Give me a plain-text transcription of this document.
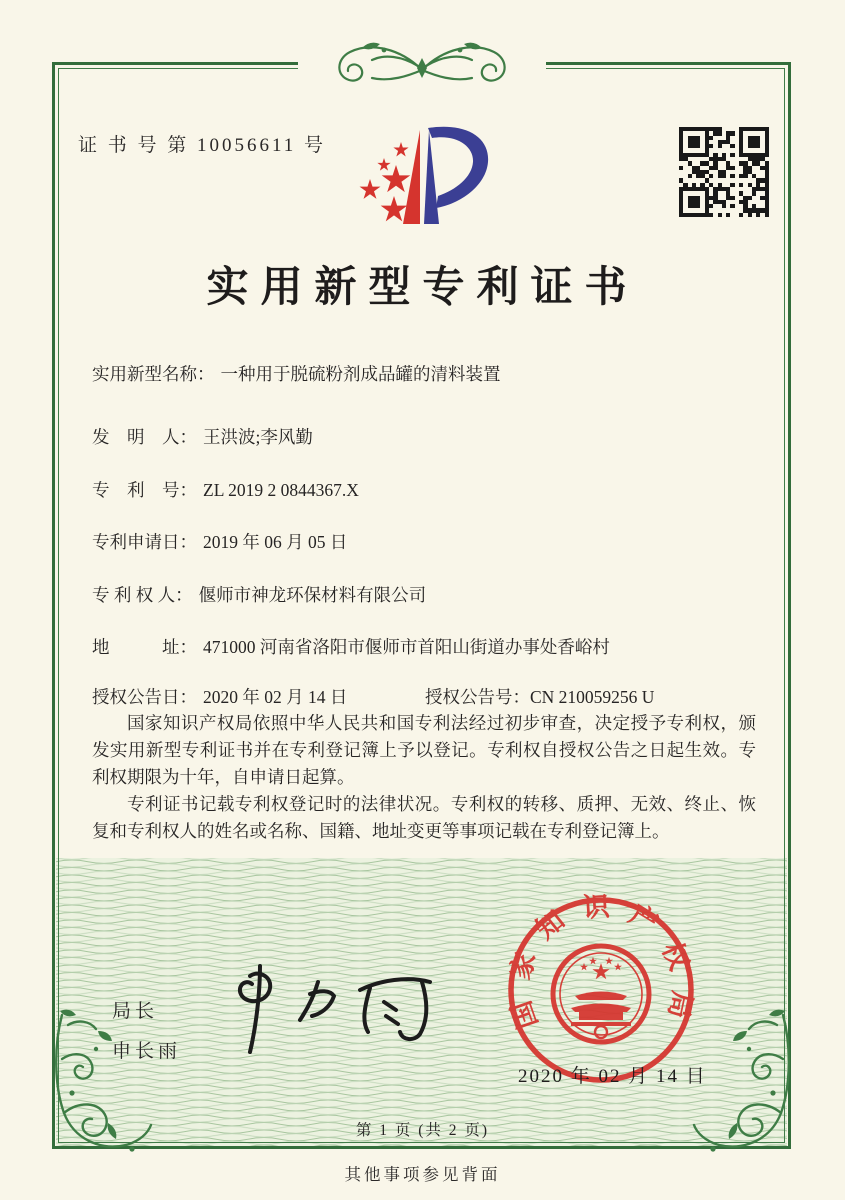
证 书 号 第 10056611 号
实用新型专利证书
实用新型名称： 一种用于脱硫粉剂成品罐的清料装置
发　明　人： 王洪波;李风勤
专　利　号： ZL 2019 2 0844367.X
专利申请日： 2019 年 06 月 05 日
专 利 权 人： 偃师市神龙环保材料有限公司
地　　　址： 471000 河南省洛阳市偃师市首阳山街道办事处香峪村
授权公告日： 2020 年 02 月 14 日	授权公告号：CN 210059256 U

国家知识产权局依照中华人民共和国专利法经过初步审查，决定授予专利权，颁发实用新型专利证书并在专利登记簿上予以登记。专利权自授权公告之日起生效。专利权期限为十年，自申请日起算。

专利证书记载专利权登记时的法律状况。专利权的转移、质押、无效、终止、恢复和专利权人的姓名或名称、国籍、地址变更等事项记载在专利登记簿上。

局长
申长雨
国家知识产权局
2020 年 02 月 14 日
第 1 页 (共 2 页)
其他事项参见背面
